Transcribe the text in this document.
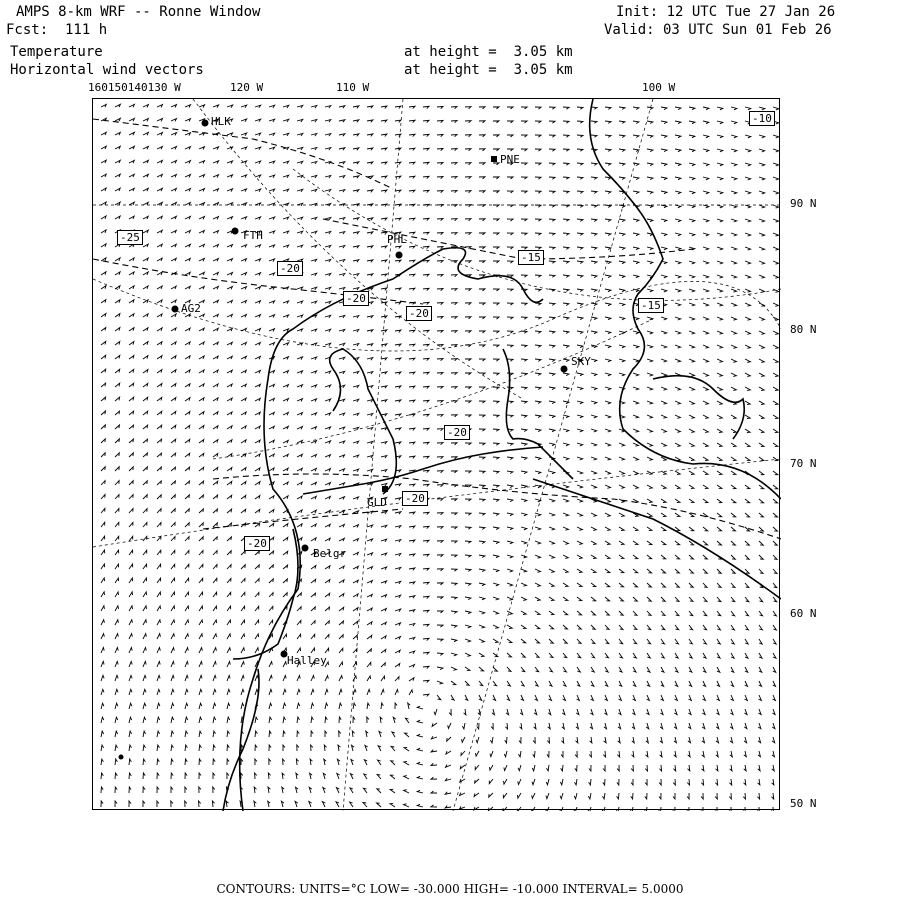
AMPS 8-km WRF -- Ronne Window
Fcst:  111 h
Temperature
Horizontal wind vectors
Init: 12 UTC Tue 27 Jan 26
Valid: 03 UTC Sun 01 Feb 26
at height =  3.05 km
at height =  3.05 km
160150140130 W	120 W	110 W	100 W
90 N
80 N
70 N
60 N
50 N
HLK
PNE
FTH	PHL
AG2
SKY
GLD
Belgr
Halley
-10
-25
-20
-15
-20
-20
-15
-20
-20
-20
CONTOURS: UNITS=°C LOW= -30.000 HIGH= -10.000 INTERVAL= 5.0000
